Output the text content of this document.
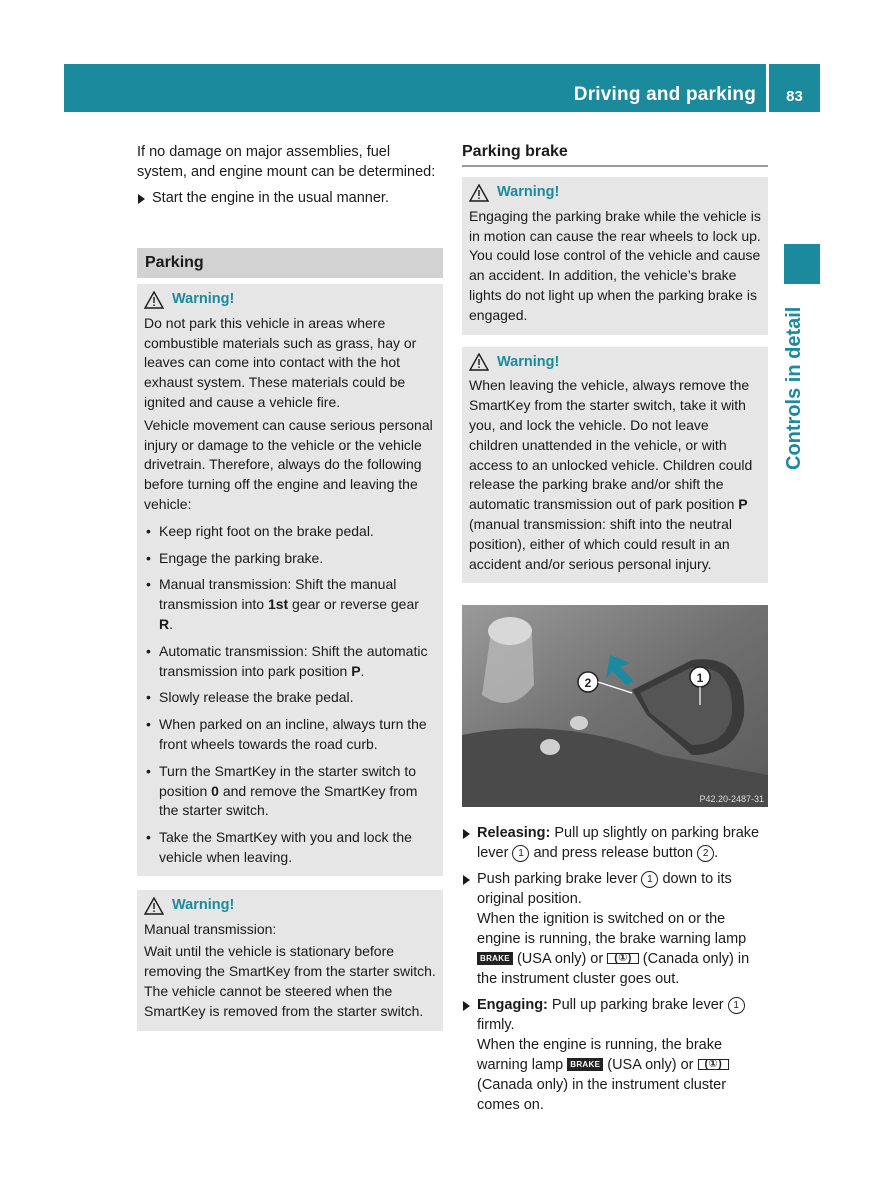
Driving and parking	83
Controls in detail

If no damage on major assemblies, fuel system, and engine mount can be determined:

Start the engine in the usual manner.
Parking
Warning!

Do not park this vehicle in areas where combustible materials such as grass, hay or leaves can come into contact with the hot exhaust system. These materials could be ignited and cause a vehicle fire.

Vehicle movement can cause serious personal injury or damage to the vehicle or the vehicle drivetrain. Therefore, always do the following before turning off the engine and leaving the vehicle:

• Keep right foot on the brake pedal.
• Engage the parking brake.
• Manual transmission: Shift the manual transmission into 1st gear or reverse gear R.
• Automatic transmission: Shift the automatic transmission into park position P.
• Slowly release the brake pedal.
• When parked on an incline, always turn the front wheels towards the road curb.
• Turn the SmartKey in the starter switch to position 0 and remove the SmartKey from the starter switch.
• Take the SmartKey with you and lock the vehicle when leaving.
Warning!

Manual transmission:

Wait until the vehicle is stationary before removing the SmartKey from the starter switch. The vehicle cannot be steered when the SmartKey is removed from the starter switch.

Parking brake
Warning!

Engaging the parking brake while the vehicle is in motion can cause the rear wheels to lock up. You could lose control of the vehicle and cause an accident. In addition, the vehicle’s brake lights do not light up when the parking brake is engaged.

Warning!

When leaving the vehicle, always remove the SmartKey from the starter switch, take it with you, and lock the vehicle. Do not leave children unattended in the vehicle, or with access to an unlocked vehicle. Children could release the parking brake and/or shift the automatic transmission out of park position P (manual transmission: shift into the neutral position), either of which could result in an accident and/or serious personal injury.

2	1
P42.20-2487-31
Releasing: Pull up slightly on parking brake lever 1 and press release button 2 .
Push parking brake lever 1 down to its original position.
When the ignition is switched on or the engine is running, the brake warning lamp BRAKE (USA only) or (①) (Canada only) in the instrument cluster goes out.
Engaging: Pull up parking brake lever 1 firmly.
When the engine is running, the brake warning lamp BRAKE (USA only) or (①) (Canada only) in the instrument cluster comes on.
